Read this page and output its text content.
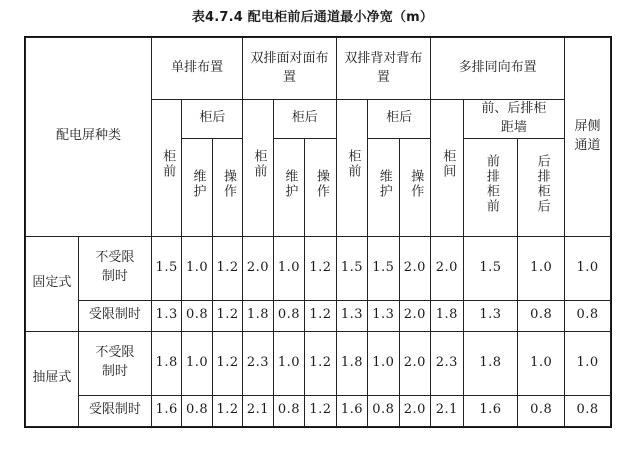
表4.7.4 配电柜前后通道最小净宽（m）
配电屏种类		单排布置			双排面对面布置			双排背对背布置			多排同向布置			屏侧通道
		柜前	柜后		柜前	柜后		柜前	柜后		柜间	前、后排柜距墙		
			维护	操作		维护	操作		维护	操作		前排柜前	后排柜后	
固定式	不受限制时	1.5	1.0	1.2	2.0	1.0	1.2	1.5	1.5	2.0	2.0	1.5	1.0	1.0
	受限制时	1.3	0.8	1.2	1.8	0.8	1.2	1.3	1.3	2.0	1.8	1.3	0.8	0.8
抽屉式	不受限制时	1.8	1.0	1.2	2.3	1.0	1.2	1.8	1.0	2.0	2.3	1.8	1.0	1.0
	受限制时	1.6	0.8	1.2	2.1	0.8	1.2	1.6	0.8	2.0	2.1	1.6	0.8	0.8
